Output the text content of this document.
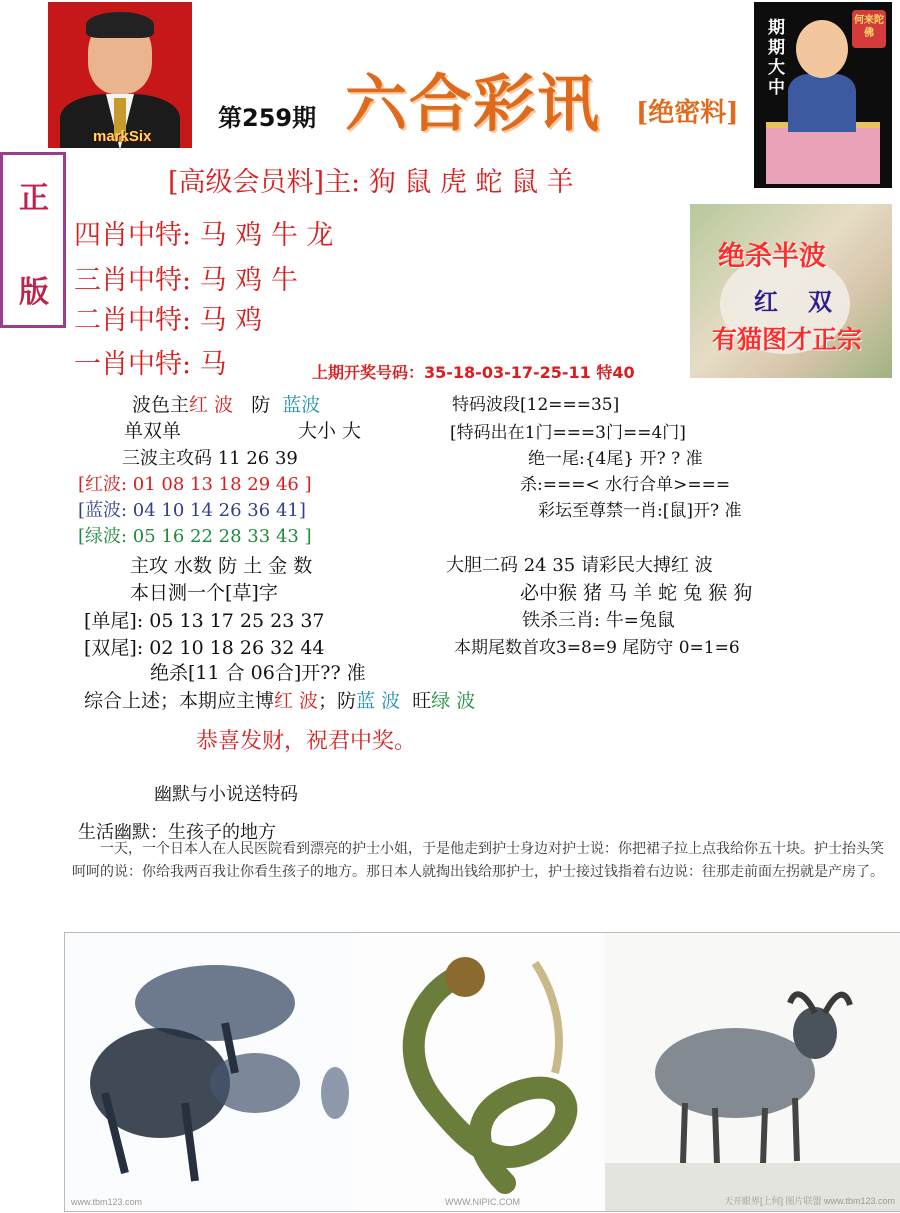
markSix
期期大中
何来陀佛
第259期 六合彩讯 [绝密料]
正
版
[高级会员料]主: 狗 鼠 虎 蛇 鼠 羊
四肖中特: 马 鸡 牛 龙
三肖中特: 马 鸡 牛
二肖中特: 马 鸡
一肖中特: 马	上期开奖号码：35-18-03-17-25-11 特40
绝杀半波
红双
有猫图才正宗
波色主红 波 防 蓝波
单双单	大小 大
三波主攻码 11 26 39
[红波: 01 08 13 18 29 46 ]
[蓝波: 04 10 14 26 36 41]
[绿波: 05 16 22 28 33 43 ]
主攻 水数 防 土 金 数
本日测一个[草]字
[单尾]: 05 13 17 25 23 37
[双尾]: 02 10 18 26 32 44
绝杀[11 合 06合]开?? 准
综合上述；本期应主博红 波；防蓝 波 旺绿 波
恭喜发财，祝君中奖。
特码波段[12===35]
[特码出在1门===3门==4门]
绝一尾:{4尾} 开? ? 准
杀:===< 水行合单>===
彩坛至尊禁一肖:[鼠]开? 准
大胆二码 24 35 请彩民大搏红 波
必中猴 猪 马 羊 蛇 兔 猴 狗
铁杀三肖: 牛=兔鼠
本期尾数首攻3=8=9 尾防守 0=1=6
幽默与小说送特码
生活幽默：生孩子的地方
一天，一个日本人在人民医院看到漂亮的护士小姐，于是他走到护士身边对护士说：你把裙子拉上点我给你五十块。护士抬头笑呵呵的说：你给我两百我让你看生孩子的地方。那日本人就掏出钱给那护士，护士接过钱指着右边说：往那走前面左拐就是产房了。
www.tbm123.com	WWW.NIPIC.COM	天开眼界[上何] 图片联盟 www.tbm123.com
